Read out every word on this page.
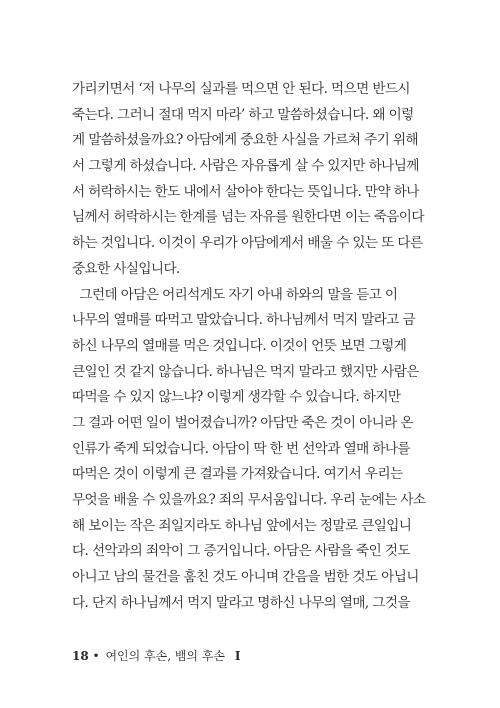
가리키면서 ‘저 나무의 실과를 먹으면 안 된다. 먹으면 반드시
죽는다. 그러니 절대 먹지 마라’ 하고 말씀하셨습니다. 왜 이렇
게 말씀하셨을까요? 아담에게 중요한 사실을 가르쳐 주기 위해
서 그렇게 하셨습니다. 사람은 자유롭게 살 수 있지만 하나님께
서 허락하시는 한도 내에서 살아야 한다는 뜻입니다. 만약 하나
님께서 허락하시는 한계를 넘는 자유를 원한다면 이는 죽음이다
하는 것입니다. 이것이 우리가 아담에게서 배울 수 있는 또 다른
중요한 사실입니다.
그런데 아담은 어리석게도 자기 아내 하와의 말을 듣고 이
나무의 열매를 따먹고 말았습니다. 하나님께서 먹지 말라고 금
하신 나무의 열매를 먹은 것입니다. 이것이 언뜻 보면 그렇게
큰일인 것 같지 않습니다. 하나님은 먹지 말라고 했지만 사람은
따먹을 수 있지 않느냐? 이렇게 생각할 수 있습니다. 하지만
그 결과 어떤 일이 벌어졌습니까? 아담만 죽은 것이 아니라 온
인류가 죽게 되었습니다. 아담이 딱 한 번 선악과 열매 하나를
따먹은 것이 이렇게 큰 결과를 가져왔습니다. 여기서 우리는
무엇을 배울 수 있을까요? 죄의 무서움입니다. 우리 눈에는 사소
해 보이는 작은 죄일지라도 하나님 앞에서는 정말로 큰일입니
다. 선악과의 죄악이 그 증거입니다. 아담은 사람을 죽인 것도
아니고 남의 물건을 훔친 것도 아니며 간음을 범한 것도 아닙니
다. 단지 하나님께서 먹지 말라고 명하신 나무의 열매, 그것을
18 • 여인의 후손, 뱀의 후손 I
